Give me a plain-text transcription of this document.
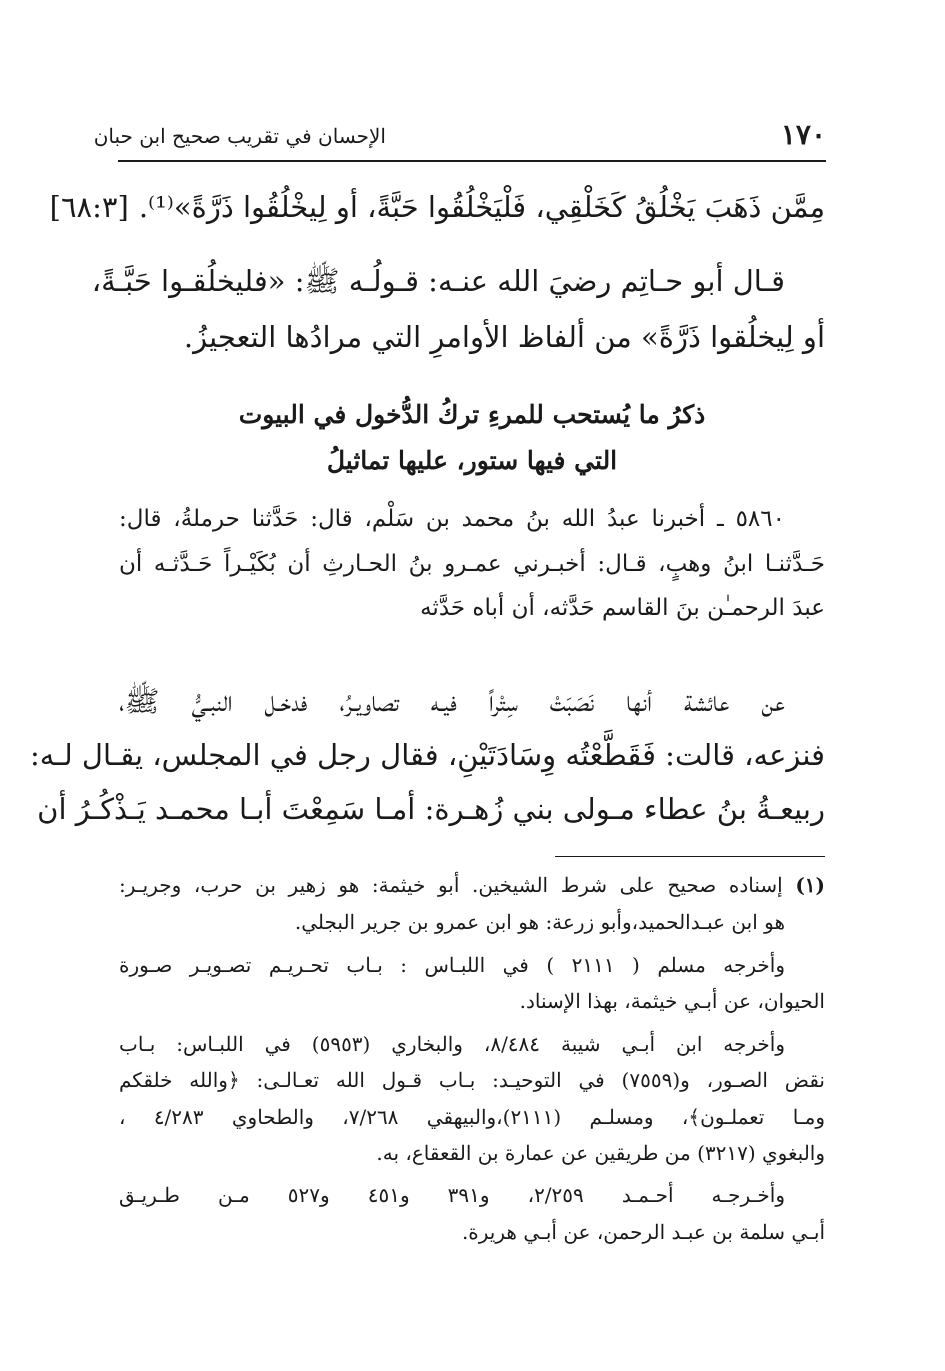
١٧٠
الإحسان في تقريب صحيح ابن حبان
مِمَّن ذَهَبَ يَخْلُقُ كَخَلْقِي، فَلْيَخْلُقُوا حَبَّةً، أو لِيخْلُقُوا ذَرَّةً»⁽¹⁾.[٦٨:٣]
قـال أبو حـاتِم رضيَ الله عنـه: قـولُـه ﷺ: «فليخلُقـوا حَبَّـةً،
أو لِيخلُقوا ذَرَّةً» من ألفاظ الأوامرِ التي مرادُها التعجيزُ.
ذكرُ ما يُستحب للمرءِ تركُ الدُّخول في البيوت
التي فيها ستور، عليها تماثيلُ
٥٨٦٠ ـ أخبرنا عبدُ الله بنُ محمد بن سَلْم، قال: حَدَّثنا حرملةُ، قال:
حَـدَّثنـا ابنُ وهبٍ، قـال: أخبـرني عمـرو بنُ الحـارثِ أن بُكَيْـراً حَـدَّثـه أن
عبدَ الرحمـٰن بنَ القاسم حَدَّثه، أن أباه حَدَّثه
عن عائشة أنها نَصَبَتْ سِتْراً فيـه تصاويـرُ، فدخـل النبـيُّ ﷺ،
فنزعه، قالت: فَقَطَّعْتُه وِسَادَتَيْنِ، فقال رجل في المجلس، يقـال لـه:
ربيعـةُ بنُ عطاء مـولى بني زُهـرة: أمـا سَمِعْتَ أبـا محمـد يَـذْكُـرُ أن
(١) إسناده صحيح على شرط الشيخين. أبو خيثمة: هو زهير بن حرب، وجريـر:
هو ابن عبـدالحميد،وأبو زرعة: هو ابن عمرو بن جرير البجلي.
وأخرجه مسلم ( ٢١١١ ) في اللبـاس : بـاب تحـريـم تصـويـر صـورة
الحيوان، عن أبـي خيثمة، بهذا الإسناد.
وأخرجه ابن أبـي شيبة ٨/٤٨٤، والبخاري (٥٩٥٣) في اللبـاس: بـاب
نقض الصـور، و(٧٥٥٩) في التوحيـد: بـاب قـول الله تعـالـى: ﴿والله خلقكم
ومـا تعملـون﴾، ومسلـم (٢١١١)،والبيهقي ٧/٢٦٨، والطحاوي ٤/٢٨٣ ،
والبغوي (٣٢١٧) من طريقين عن عمارة بن القعقاع، به.
وأخـرجـه أحـمـد ٢/٢٥٩، و٣٩١ و٤٥١ و٥٢٧ مـن طـريـق
أبـي سلمة بن عبـد الرحمن، عن أبـي هريرة.
